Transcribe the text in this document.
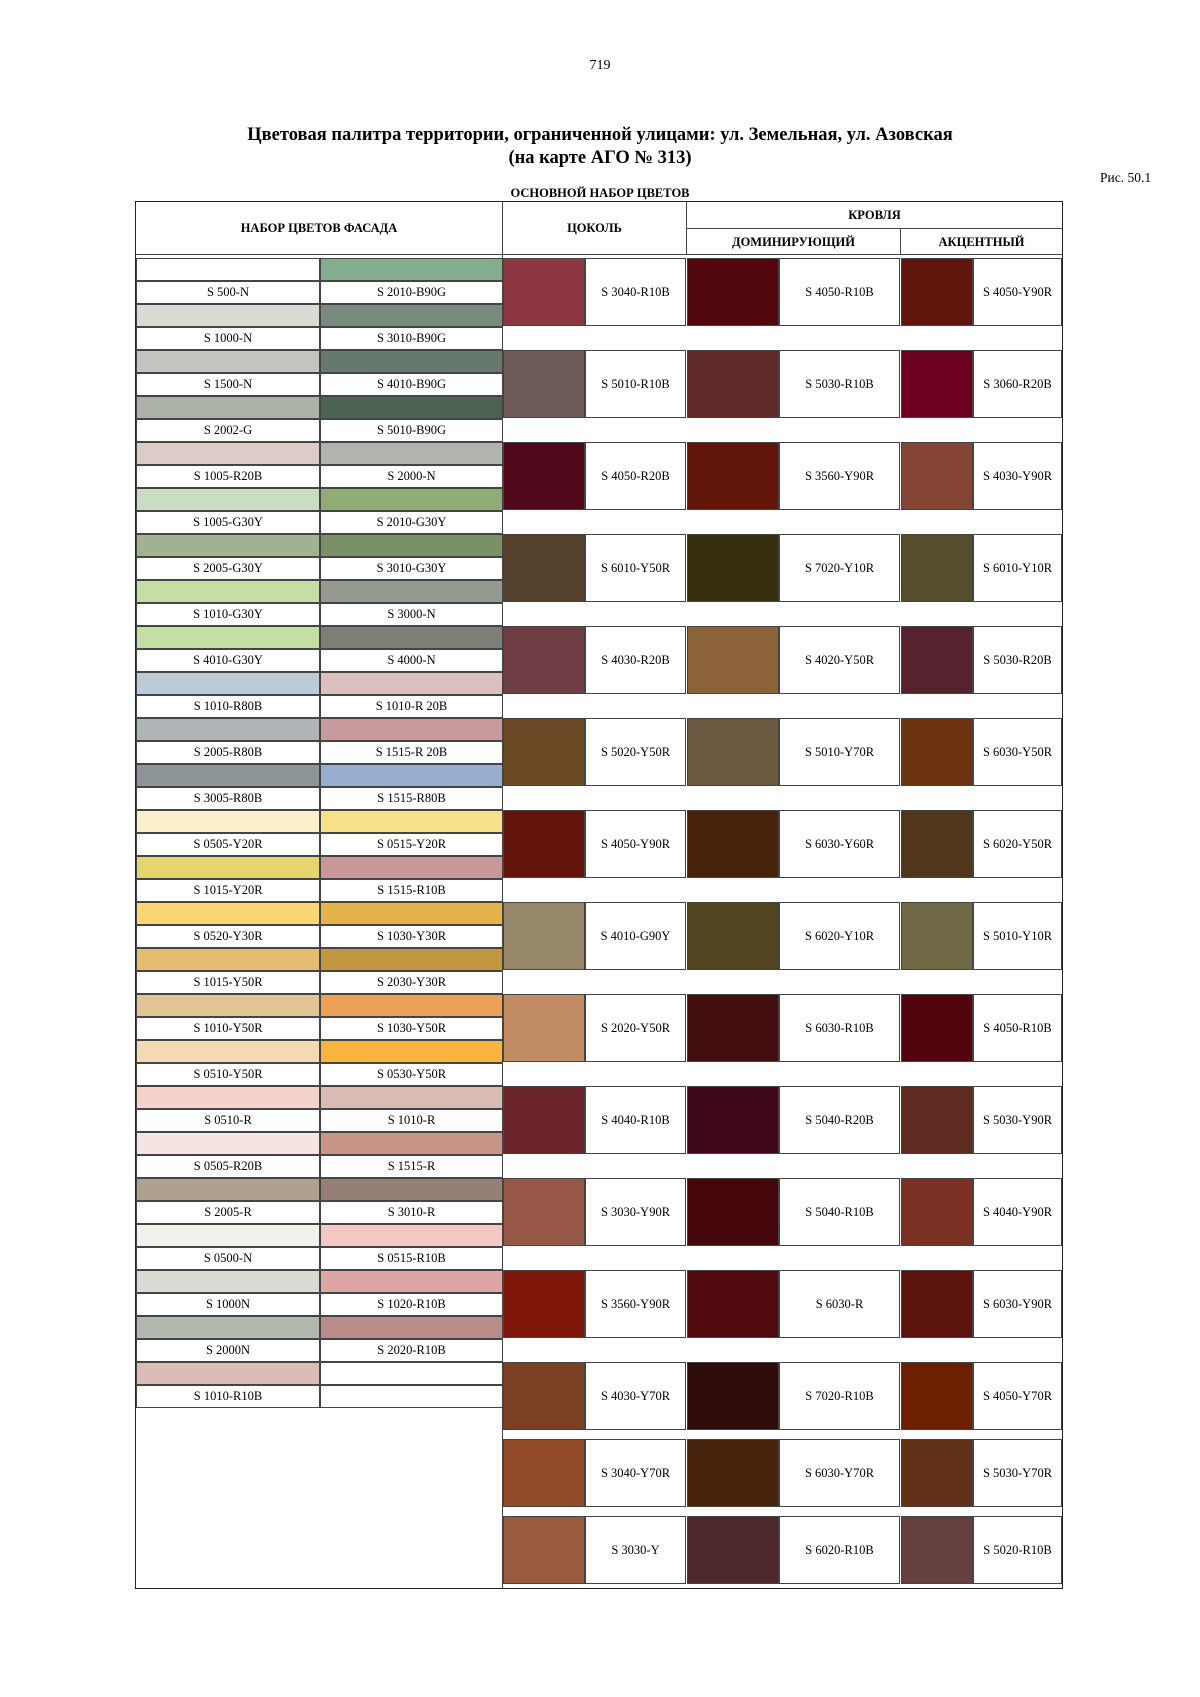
719
Цветовая палитра территории, ограниченной улицами: ул. Земельная, ул. Азовская
(на карте АГО № 313)
Рис. 50.1
ОСНОВНОЙ НАБОР ЦВЕТОВ
НАБОР ЦВЕТОВ ФАСАДА	ЦОКОЛЬ
КРОВЛЯ
ДОМИНИРУЮЩИЙ	АКЦЕНТНЫЙ
S 500-N	S 2010-B90G
S 1000-N	S 3010-B90G
S 1500-N	S 4010-B90G
S 2002-G	S 5010-B90G
S 1005-R20B	S 2000-N
S 1005-G30Y	S 2010-G30Y
S 2005-G30Y	S 3010-G30Y
S 1010-G30Y	S 3000-N
S 4010-G30Y	S 4000-N
S 1010-R80B	S 1010-R 20B
S 2005-R80B	S 1515-R 20B
S 3005-R80B	S 1515-R80B
S 0505-Y20R	S 0515-Y20R
S 1015-Y20R	S 1515-R10B
S 0520-Y30R	S 1030-Y30R
S 1015-Y50R	S 2030-Y30R
S 1010-Y50R	S 1030-Y50R
S 0510-Y50R	S 0530-Y50R
S 0510-R	S 1010-R
S 0505-R20B	S 1515-R
S 2005-R	S 3010-R
S 0500-N	S 0515-R10B
S 1000N	S 1020-R10B
S 2000N	S 2020-R10B
S 1010-R10B
S 3040-R10B	S 4050-R10B	S 4050-Y90R
S 5010-R10B	S 5030-R10B	S 3060-R20B
S 4050-R20B	S 3560-Y90R	S 4030-Y90R
S 6010-Y50R	S 7020-Y10R	S 6010-Y10R
S 4030-R20B	S 4020-Y50R	S 5030-R20B
S 5020-Y50R	S 5010-Y70R	S 6030-Y50R
S 4050-Y90R	S 6030-Y60R	S 6020-Y50R
S 4010-G90Y	S 6020-Y10R	S 5010-Y10R
S 2020-Y50R	S 6030-R10B	S 4050-R10B
S 4040-R10B	S 5040-R20B	S 5030-Y90R
S 3030-Y90R	S 5040-R10B	S 4040-Y90R
S 3560-Y90R	S 6030-R	S 6030-Y90R
S 4030-Y70R	S 7020-R10B	S 4050-Y70R
S 3040-Y70R	S 6030-Y70R	S 5030-Y70R
S 3030-Y	S 6020-R10B	S 5020-R10B
